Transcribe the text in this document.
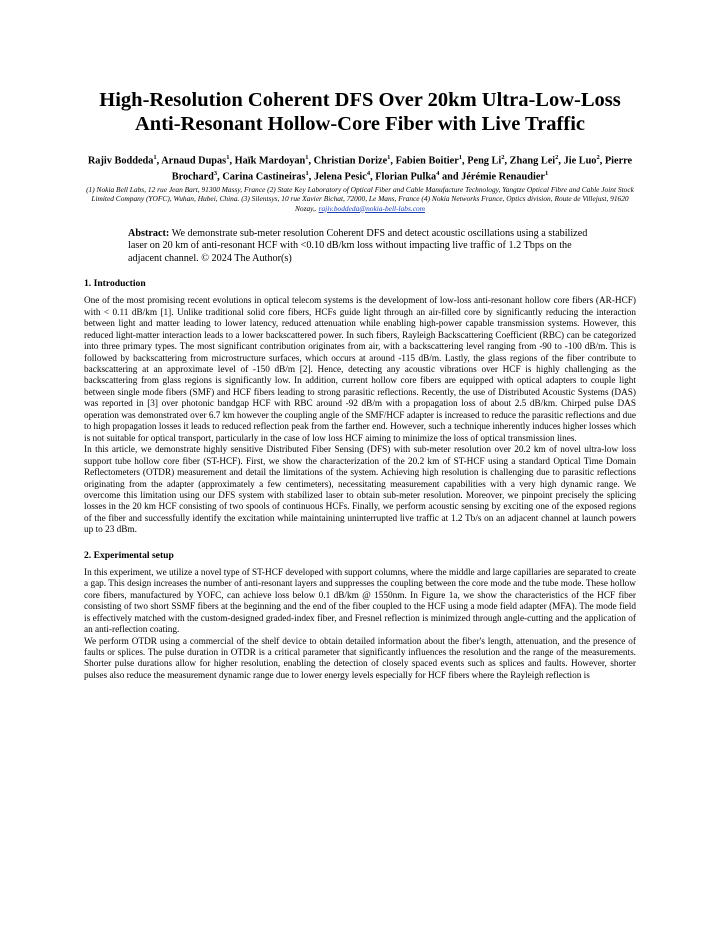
High-Resolution Coherent DFS Over 20km Ultra-Low-Loss
Anti-Resonant Hollow-Core Fiber with Live Traffic
Rajiv Boddeda$^1$, Arnaud Dupas$^1$, Haïk Mardoyan$^1$, Christian Dorize$^1$, Fabien Boitier$^1$, Peng Li$^2$, Zhang Lei$^2$, Jie Luo$^2$, Pierre Brochard$^3$, Carina Castineiras$^1$, Jelena Pesic$^4$, Florian Pulka$^4$ and Jérémie Renaudier$^1$
(1) Nokia Bell Labs, 12 rue Jean Bart, 91300 Massy, France (2) State Key Laboratory of Optical Fiber and Cable Manufacture Technology, Yangtze Optical Fibre and Cable Joint Stock Limited Company (YOFC), Wuhan, Hubei, China. (3) Silentsys, 10 rue Xavier Bichat, 72000, Le Mans, France (4) Nokia Networks France, Optics division, Route de Villejust, 91620 Nozay,. rajiv.boddeda@nokia-bell-labs.com
Abstract: We demonstrate sub-meter resolution Coherent DFS and detect acoustic oscillations using a stabilized laser on 20 km of anti-resonant HCF with <0.10 dB/km loss without impacting live traffic of 1.2 Tbps on the adjacent channel. © 2024 The Author(s)
1. Introduction

One of the most promising recent evolutions in optical telecom systems is the development of low-loss anti-resonant hollow core fibers (AR-HCF) with < 0.11 dB/km [1]. Unlike traditional solid core fibers, HCFs guide light through an air-filled core by significantly reducing the interaction between light and matter leading to lower latency, reduced attenuation while enabling high-power capable transmission systems. However, this reduced light-matter interaction leads to a lower backscattered power. In such fibers, Rayleigh Backscattering Coefficient (RBC) can be categorized into three primary types. The most significant contribution originates from air, with a backscattering level ranging from -90 to -100 dB/m. This is followed by backscattering from microstructure surfaces, which occurs at around -115 dB/m. Lastly, the glass regions of the fiber contribute to backscattering at an approximate level of -150 dB/m [2]. Hence, detecting any acoustic vibrations over HCF is highly challenging as the backscattering from glass regions is significantly low. In addition, current hollow core fibers are equipped with optical adapters to couple light between single mode fibers (SMF) and HCF fibers leading to strong parasitic reflections. Recently, the use of Distributed Acoustic Systems (DAS) was reported in [3] over photonic bandgap HCF with RBC around -92 dB/m with a propagation loss of about 2.5 dB/km. Chirped pulse DAS operation was demonstrated over 6.7 km however the coupling angle of the SMF/HCF adapter is increased to reduce the parasitic reflections and due to high propagation losses it leads to reduced reflection peak from the farther end. However, such a technique inherently induces higher losses which is not suitable for optical transport, particularly in the case of low loss HCF aiming to minimize the loss of optical transmission lines.

In this article, we demonstrate highly sensitive Distributed Fiber Sensing (DFS) with sub-meter resolution over 20.2 km of novel ultra-low loss support tube hollow core fiber (ST-HCF). First, we show the characterization of the 20.2 km of ST-HCF using a standard Optical Time Domain Reflectometers (OTDR) measurement and detail the limitations of the system. Achieving high resolution is challenging due to parasitic reflections originating from the adapter (approximately a few centimeters), necessitating measurement capabilities with a very high dynamic range. We overcome this limitation using our DFS system with stabilized laser to obtain sub-meter resolution. Moreover, we pinpoint precisely the splicing losses in the 20 km HCF consisting of two spools of continuous HCFs. Finally, we perform acoustic sensing by exciting one of the exposed regions of the fiber and successfully identify the excitation while maintaining uninterrupted live traffic at 1.2 Tb/s on an adjacent channel at launch powers up to 23 dBm.

2. Experimental setup

In this experiment, we utilize a novel type of ST-HCF developed with support columns, where the middle and large capillaries are separated to create a gap. This design increases the number of anti-resonant layers and suppresses the coupling between the core mode and the tube mode. These hollow core fibers, manufactured by YOFC, can achieve loss below 0.1 dB/km @ 1550nm. In Figure 1a, we show the characteristics of the HCF fiber consisting of two short SSMF fibers at the beginning and the end of the fiber coupled to the HCF using a mode field adapter (MFA). The mode field is effectively matched with the custom-designed graded-index fiber, and Fresnel reflection is minimized through angle-cutting and the application of an anti-reflection coating.

We perform OTDR using a commercial of the shelf device to obtain detailed information about the fiber's length, attenuation, and the presence of faults or splices. The pulse duration in OTDR is a critical parameter that significantly influences the resolution and the range of the measurements. Shorter pulse durations allow for higher resolution, enabling the detection of closely spaced events such as splices and faults. However, shorter pulses also reduce the measurement dynamic range due to lower energy levels especially for HCF fibers where the Rayleigh reflection is
